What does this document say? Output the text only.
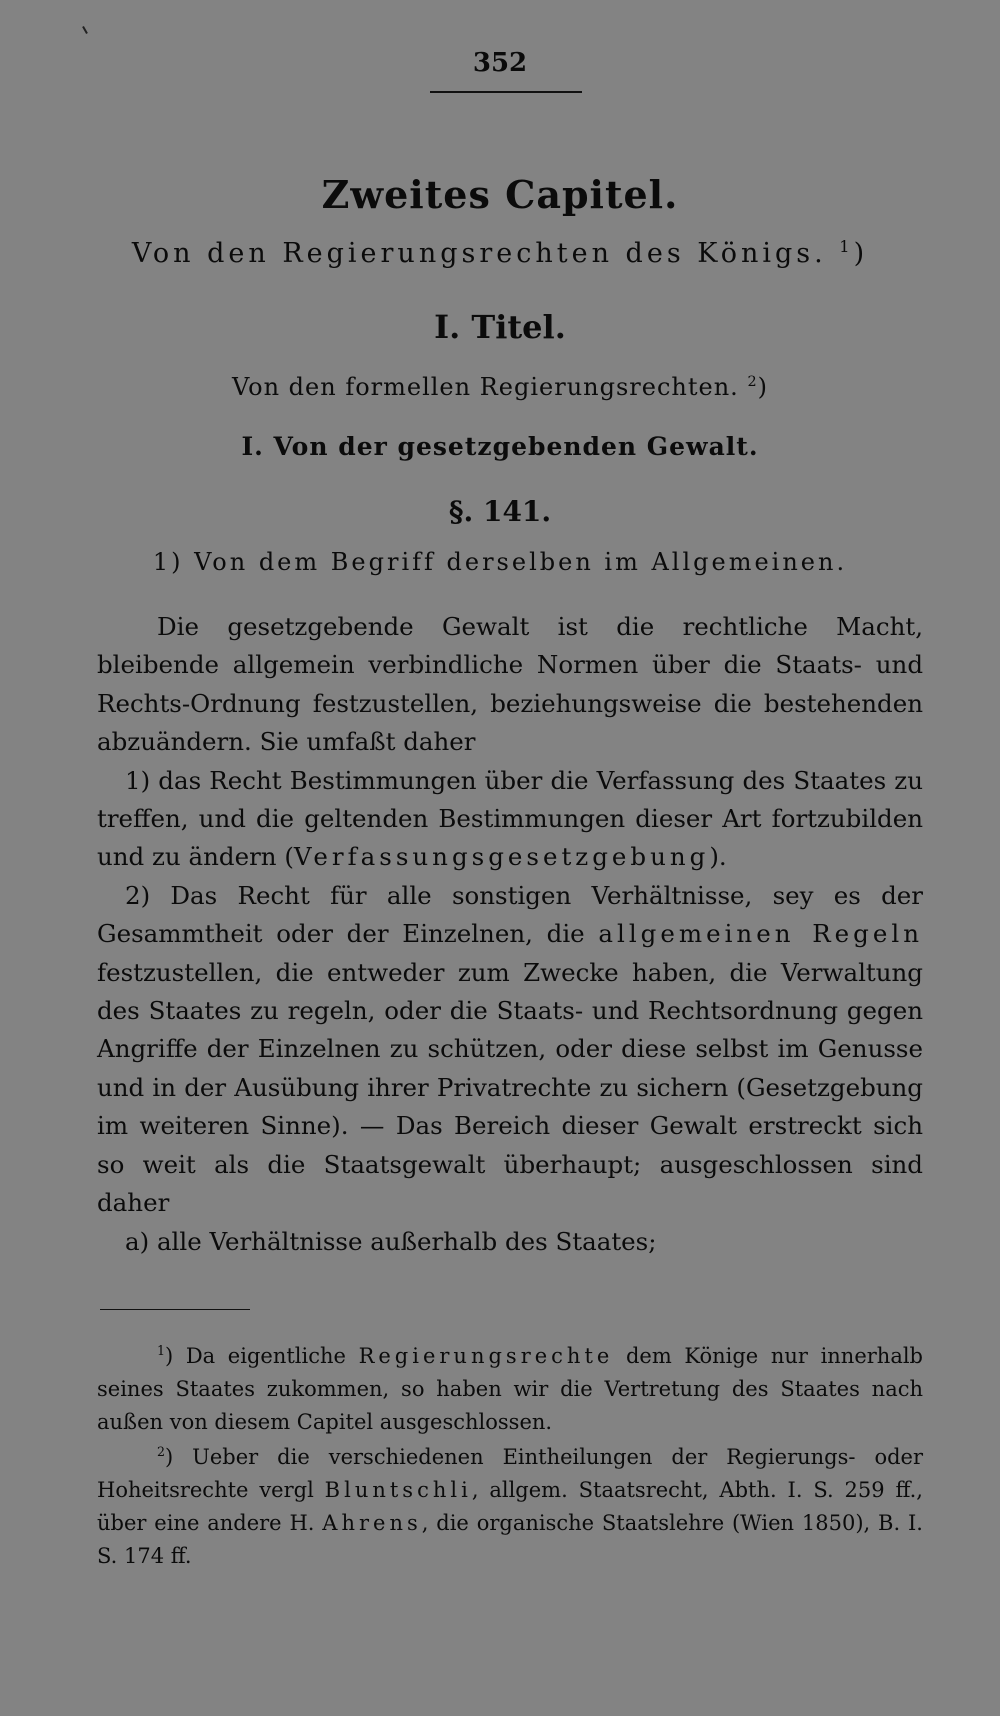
352
Zweites Capitel.
Von den Regierungsrechten des Königs. $^1$)
I. Titel.
Von den formellen Regierungsrechten. $^2$)
I. Von der gesetzgebenden Gewalt.
§. 141.
1) Von dem Begriff derselben im Allgemeinen.

Die gesetzgebende Gewalt ist die rechtliche Macht, bleibende allgemein verbindliche Normen über die Staats- und Rechts-Ordnung festzustellen, beziehungsweise die bestehenden abzuändern. Sie umfaßt daher

1) das Recht Bestimmungen über die Verfassung des Staates zu treffen, und die geltenden Bestimmungen dieser Art fortzubilden und zu ändern (Verfassungsgesetzgebung).

2) Das Recht für alle sonstigen Verhältnisse, sey es der Gesammtheit oder der Einzelnen, die allgemeinen Regeln festzustellen, die entweder zum Zwecke haben, die Verwaltung des Staates zu regeln, oder die Staats- und Rechtsordnung gegen Angriffe der Einzelnen zu schützen, oder diese selbst im Genusse und in der Ausübung ihrer Privatrechte zu sichern (Gesetzgebung im weiteren Sinne). — Das Bereich dieser Gewalt erstreckt sich so weit als die Staatsgewalt überhaupt; ausgeschlossen sind daher

a) alle Verhältnisse außerhalb des Staates;

$^1$) Da eigentliche Regierungsrechte dem Könige nur innerhalb seines Staates zukommen, so haben wir die Vertretung des Staates nach außen von diesem Capitel ausgeschlossen.

$^2$) Ueber die verschiedenen Eintheilungen der Regierungs- oder Hoheitsrechte vergl Bluntschli, allgem. Staatsrecht, Abth. I. S. 259 ff., über eine andere H. Ahrens, die organische Staatslehre (Wien 1850), B. I. S. 174 ff.
